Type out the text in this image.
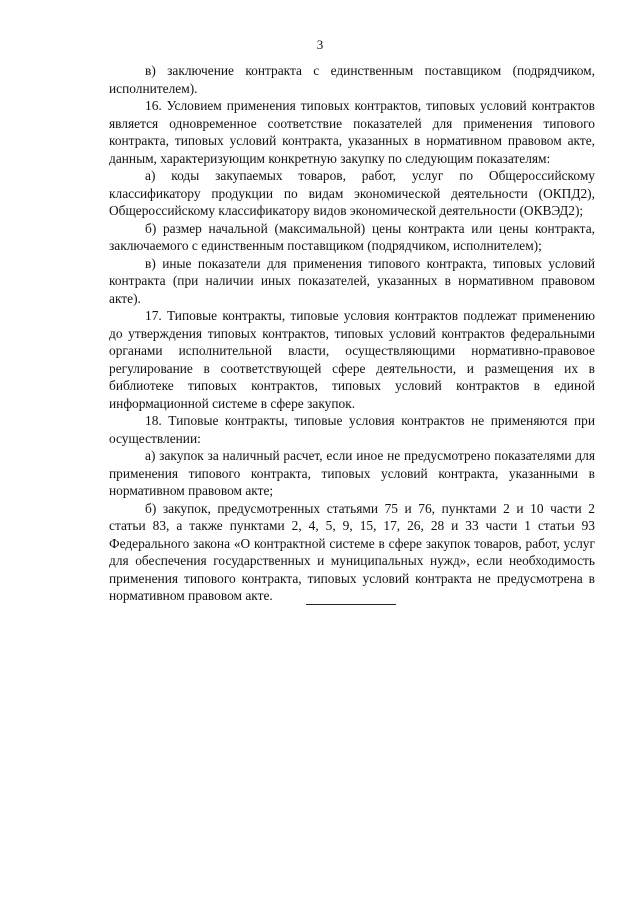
3

в) заключение контракта с единственным поставщиком (подрядчиком, исполнителем).

16. Условием применения типовых контрактов, типовых условий контрактов является одновременное соответствие показателей для применения типового контракта, типовых условий контракта, указанных в нормативном правовом акте, данным, характеризующим конкретную закупку по следующим показателям:

а) коды закупаемых товаров, работ, услуг по Общероссийскому классификатору продукции по видам экономической деятельности (ОКПД2), Общероссийскому классификатору видов экономической деятельности (ОКВЭД2);

б) размер начальной (максимальной) цены контракта или цены контракта, заключаемого с единственным поставщиком (подрядчиком, исполнителем);

в) иные показатели для применения типового контракта, типовых условий контракта (при наличии иных показателей, указанных в нормативном правовом акте).

17. Типовые контракты, типовые условия контрактов подлежат применению до утверждения типовых контрактов, типовых условий контрактов федеральными органами исполнительной власти, осуществляющими нормативно-правовое регулирование в соответствующей сфере деятельности, и размещения их в библиотеке типовых контрактов, типовых условий контрактов в единой информационной системе в сфере закупок.

18. Типовые контракты, типовые условия контрактов не применяются при осуществлении:

а) закупок за наличный расчет, если иное не предусмотрено показателями для применения типового контракта, типовых условий контракта, указанными в нормативном правовом акте;

б) закупок, предусмотренных статьями 75 и 76, пунктами 2 и 10 части 2 статьи 83, а также пунктами 2, 4, 5, 9, 15, 17, 26, 28 и 33 части 1 статьи 93 Федерального закона «О контрактной системе в сфере закупок товаров, работ, услуг для обеспечения государственных и муниципальных нужд», если необходимость применения типового контракта, типовых условий контракта не предусмотрена в нормативном правовом акте.
